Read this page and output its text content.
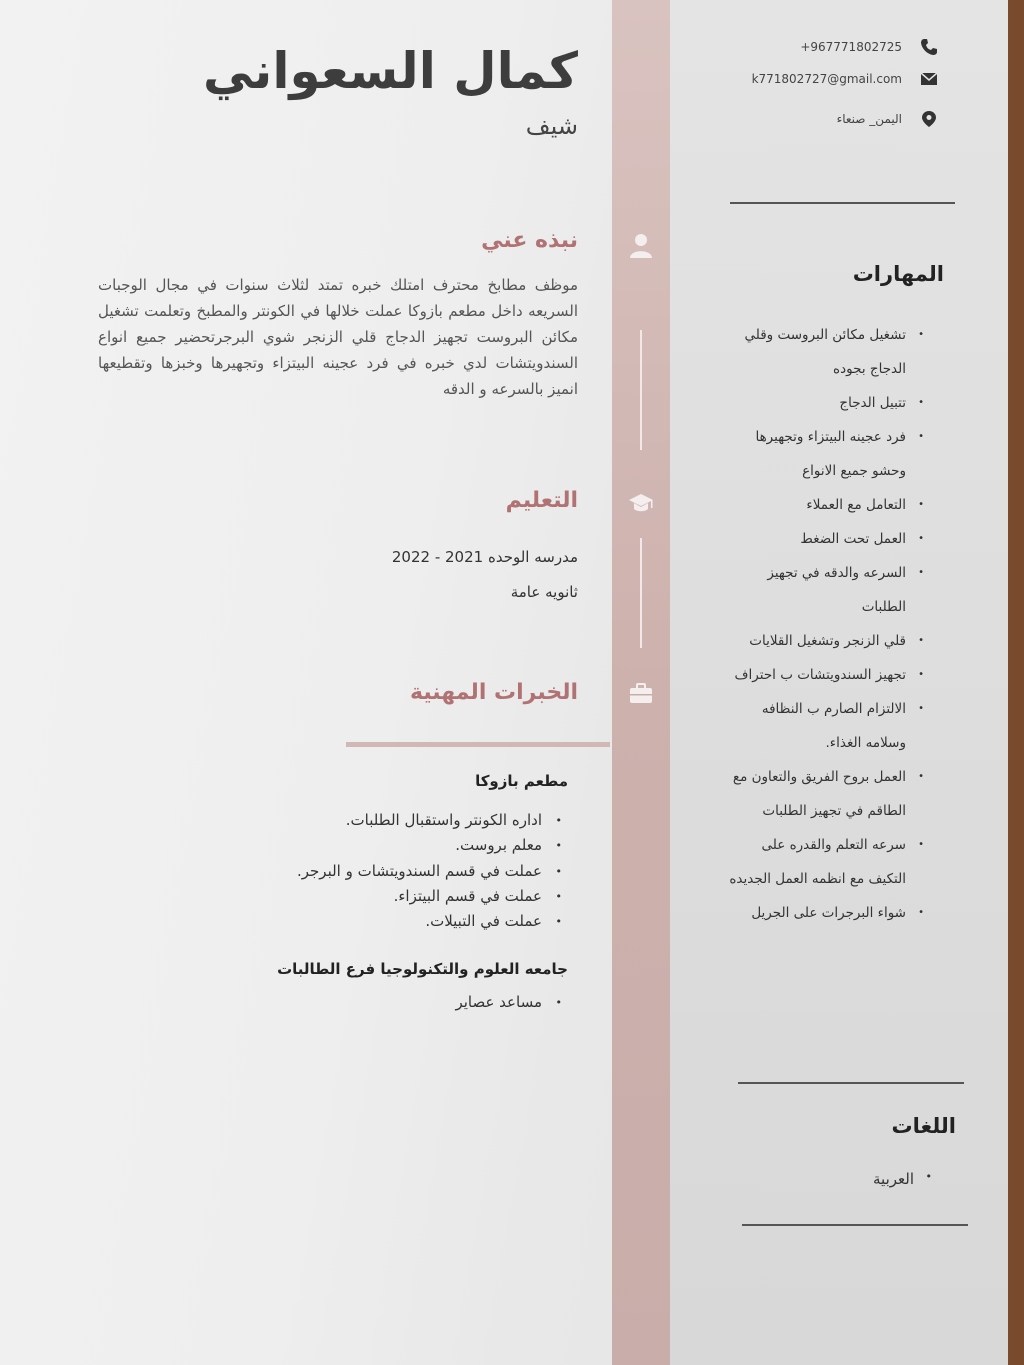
كمال السعواني
شيف
نبذه عني
موظف مطابخ محترف امتلك خبره تمتد لثلاث سنوات في مجال الوجبات السريعه داخل مطعم بازوكا عملت خلالها في الكونتر والمطبخ وتعلمت تشغيل مكائن البروست تجهيز الدجاج قلي الزنجر شوي البرجرتحضير جميع انواع السندويتشات لدي خبره في فرد عجينه البيتزاء وتجهيرها وخبزها وتقطيعها انميز بالسرعه و الدقه
التعليم
مدرسه الوحده 2021 - 2022
ثانويه عامة
الخبرات المهنية
مطعم بازوكا
• اداره الكونتر واستقبال الطلبات.
• معلم بروست.
• عملت في قسم السندويتشات و البرجر.
• عملت في قسم البيتزاء.
• عملت في التبيلات.
جامعه العلوم والتكنولوجيا فرع الطالبات
• مساعد عصاير
+967771802725
k771802727@gmail.com
اليمن_ صنعاء
المهارات
• تشغيل مكائن البروست وقلي الدجاج بجوده
• تتبيل الدجاج
• فرد عجينه البيتزاء وتجهيرها وحشو جميع الانواع
• التعامل مع العملاء
• العمل تحت الضغط
• السرعه والدقه في تجهيز الطلبات
• قلي الزنجر وتشغيل القلايات
• تجهيز السندويتشات ب احتراف
• الالتزام الصارم ب النظافه وسلامه الغذاء.
• العمل بروح الفريق والتعاون مع الطاقم في تجهيز الطلبات
• سرعه التعلم والقدره على التكيف مع انظمه العمل الجديده
• شواء البرجرات على الجريل
اللغات
• العربية
